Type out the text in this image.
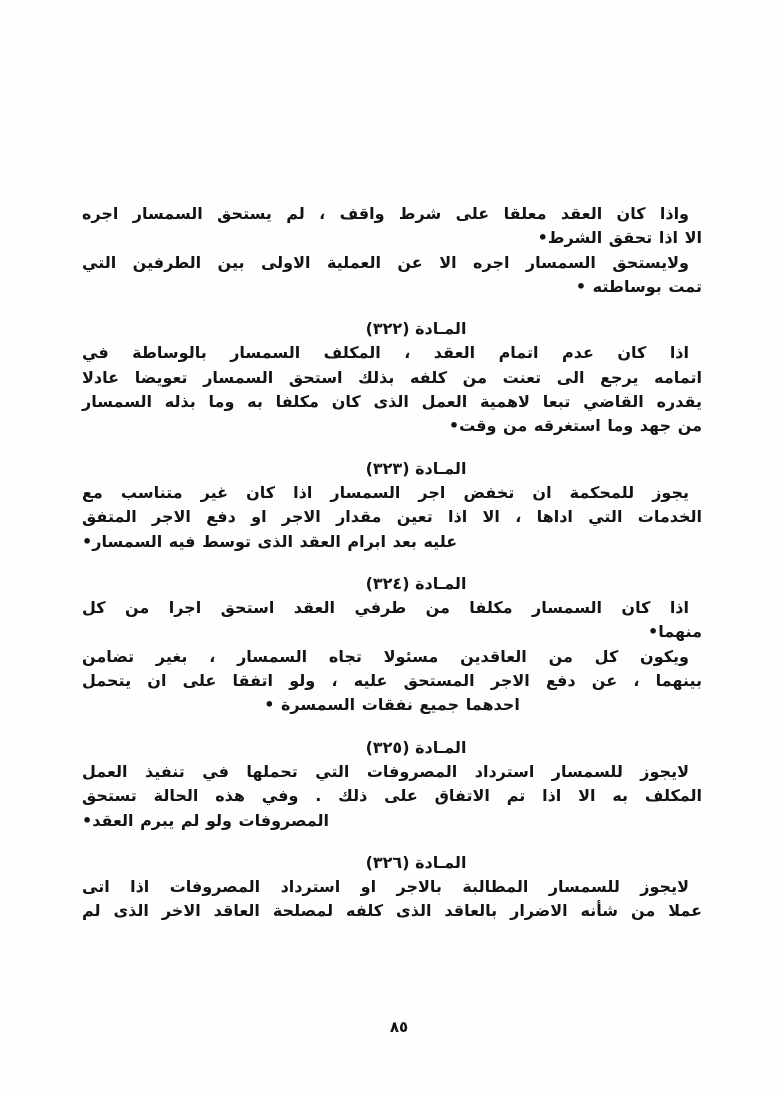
واذا كان العقد معلقا على شرط واقف ، لم يستحق السمسار اجره
الا اذا تحقق الشرط•
ولايستحق السمسار اجره الا عن العملية الاولى بين الطرفين التي
تمت بوساطته •
المـادة (٣٢٢)
اذا كان عدم اتمام العقد ، المكلف السمسار بالوساطة في
اتمامه يرجع الى تعنت من كلفه بذلك استحق السمسار تعويضا عادلا
يقدره القاضي تبعا لاهمية العمل الذى كان مكلفا به وما بذله السمسار
من جهد وما استغرقه من وقت•
المـادة (٣٢٣)
يجوز للمحكمة ان تخفض اجر السمسار اذا كان غير متناسب مع
الخدمات التي اداها ، الا اذا تعين مقدار الاجر او دفع الاجر المتفق
عليه بعد ابرام العقد الذى توسط فيه السمسار•
المـادة (٣٢٤)
اذا كان السمسار مكلفا من طرفي العقد استحق اجرا من كل
منهما•
ويكون كل من العاقدين مسئولا تجاه السمسار ، بغير تضامن
بينهما ، عن دفع الاجر المستحق عليه ، ولو اتفقا على ان يتحمل
احدهما جميع نفقات السمسرة •
المـادة (٣٢٥)
لايجوز للسمسار استرداد المصروفات التي تحملها في تنفيذ العمل
المكلف به الا اذا تم الاتفاق على ذلك . وفي هذه الحالة تستحق
المصروفات ولو لم يبرم العقد•
المـادة (٣٢٦)
لايجوز للسمسار المطالبة بالاجر او استرداد المصروفات اذا اتى
عملا من شأنه الاضرار بالعاقد الذى كلفه لمصلحة العاقد الاخر الذى لم
٨٥
